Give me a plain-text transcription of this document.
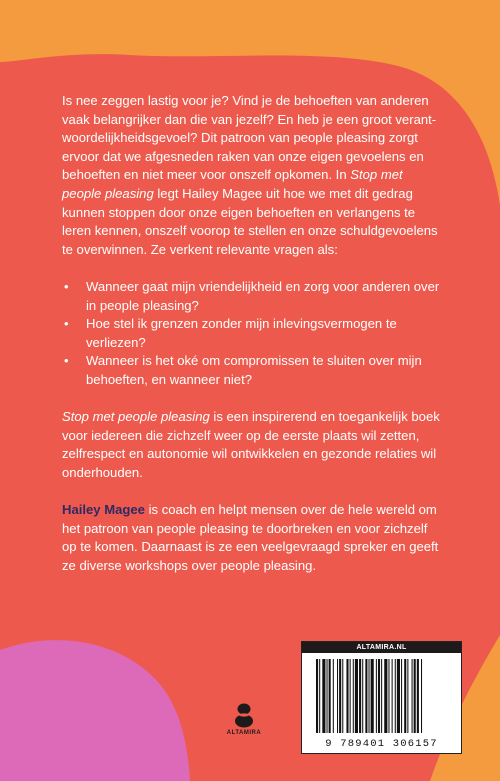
Is nee zeggen lastig voor je? Vind je de behoeften van anderen vaak belangrijker dan die van jezelf? En heb je een groot verantwoordelijkheidsgevoel? Dit patroon van people pleasing zorgt ervoor dat we afgesneden raken van onze eigen gevoelens en behoeften en niet meer voor onszelf opkomen. In Stop met people pleasing legt Hailey Magee uit hoe we met dit gedrag kunnen stoppen door onze eigen behoeften en verlangens te leren kennen, onszelf voorop te stellen en onze schuldgevoelens te overwinnen. Ze verkent relevante vragen als:

• Wanneer gaat mijn vriendelijkheid en zorg voor anderen over in people pleasing?
• Hoe stel ik grenzen zonder mijn inlevingsvermogen te verliezen?
• Wanneer is het oké om compromissen te sluiten over mijn behoeften, en wanneer niet?

Stop met people pleasing is een inspirerend en toegankelijk boek voor iedereen die zichzelf weer op de eerste plaats wil zetten, zelfrespect en autonomie wil ontwikkelen en gezonde relaties wil onderhouden.

Hailey Magee is coach en helpt mensen over de hele wereld om het patroon van people pleasing te doorbreken en voor zichzelf op te komen. Daarnaast is ze een veelgevraagd spreker en geeft ze diverse workshops over people pleasing.

ALTAMIRA
ALTAMIRA.NL
9 789401 306157
